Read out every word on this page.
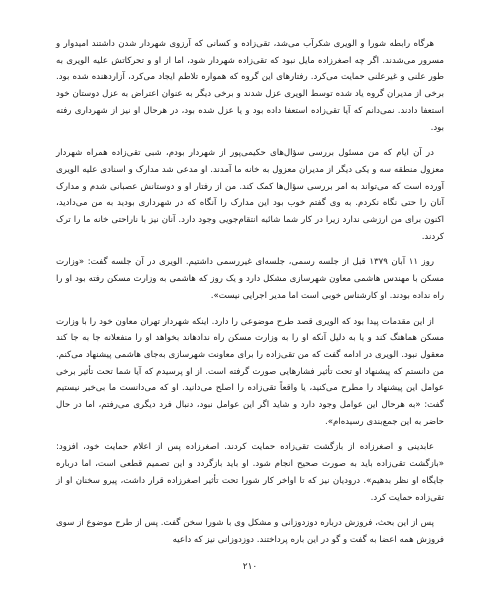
هرگاه رابطه شورا و الویری شکرآب می‌شد، تقی‌زاده و کسانی که آرزوی شهردار شدن داشتند امیدوار و مسرور می‌شدند. اگر چه اصغرزاده مایل نبود که تقی‌زاده شهردار شود، اما از او و تحرکاتش علیه الویری به طور علنی و غیرعلنی حمایت می‌کرد. رفتارهای این گروه که همواره تلاطم ایجاد می‌کرد، آزاردهنده شده بود. برخی از مدیران گروه یاد شده توسط الویری عزل شدند و برخی دیگر به عنوان اعتراض به عزل دوستان خود استعفا دادند. نمی‌دانم که آیا تقی‌زاده استعفا داده بود و یا عزل شده بود، در هرحال او نیز از شهرداری رفته بود.

در آن ایام که من مسئول بررسی سؤال‌های حکیمی‌پور از شهردار بودم، شبی تقی‌زاده همراه شهردار معزول منطقه سه و یکی دیگر از مدیران معزول به خانه ما آمدند. او مدعی شد مدارک و اسنادی علیه الویری آورده است که می‌تواند به امر بررسی سؤال‌ها کمک کند. من از رفتار او و دوستانش عصبانی شدم و مدارک آنان را حتی نگاه نکردم. به وی گفتم خوب بود این مدارک را آنگاه که در شهرداری بودید به من می‌دادید، اکنون برای من ارزشی ندارد زیرا در کار شما شائبه انتقام‌جویی وجود دارد. آنان نیز با ناراحتی خانه ما را ترک کردند.

روز ۱۱ آبان ۱۳۷۹ قبل از جلسه رسمی، جلسه‌ای غیررسمی داشتیم. الویری در آن جلسه گفت: «وزارت مسکن با مهندس هاشمی معاون شهرسازی مشکل دارد و یک روز که هاشمی به وزارت مسکن رفته بود او را راه نداده بودند. او کارشناس خوبی است اما مدیر اجرایی نیست».

از این مقدمات پیدا بود که الویری قصد طرح موضوعی را دارد. اینکه شهردار تهران معاون خود را با وزارت مسکن هماهنگ کند و یا به دلیل آنکه او را به وزارت مسکن راه ندادهاند بخواهد او را منفعلانه جا به جا کند معقول نبود. الویری در ادامه گفت که من تقی‌زاده را برای معاونت شهرسازی به‌جای هاشمی پیشنهاد می‌کنم. من دانستم که پیشنهاد او تحت تأثیر فشارهایی صورت گرفته است. از او پرسیدم که آیا شما تحت تأثیر برخی عوامل این پیشنهاد را مطرح می‌کنید، یا واقعاً تقی‌زاده را اصلح می‌دانید. او که می‌دانست ما بی‌خبر نیستیم گفت: «به هرحال این عوامل وجود دارد و شاید اگر این عوامل نبود، دنبال فرد دیگری می‌رفتم، اما در حال حاضر به این جمع‌بندی رسیده‌ام».

عابدینی و اصغرزاده از بازگشت تقی‌زاده حمایت کردند. اصغرزاده پس از اعلام حمایت خود، افزود: «بازگشت تقی‌زاده باید به صورت صحیح انجام شود. او باید بازگردد و این تصمیم قطعی است، اما درباره جایگاه او نظر بدهیم». دروديان نیز که تا اواخر کار شورا تحت تأثیر اصغرزاده قرار داشت، پیرو سخنان او از تقی‌زاده حمایت کرد.

پس از این بحث، فروزش درباره دوزدوزانی و مشکل وی با شورا سخن گفت. پس از طرح موضوع از سوی فروزش همه اعضا به گفت و گو در این باره پرداختند. دوزدوزانی نیز که داعیه

۲۱۰
